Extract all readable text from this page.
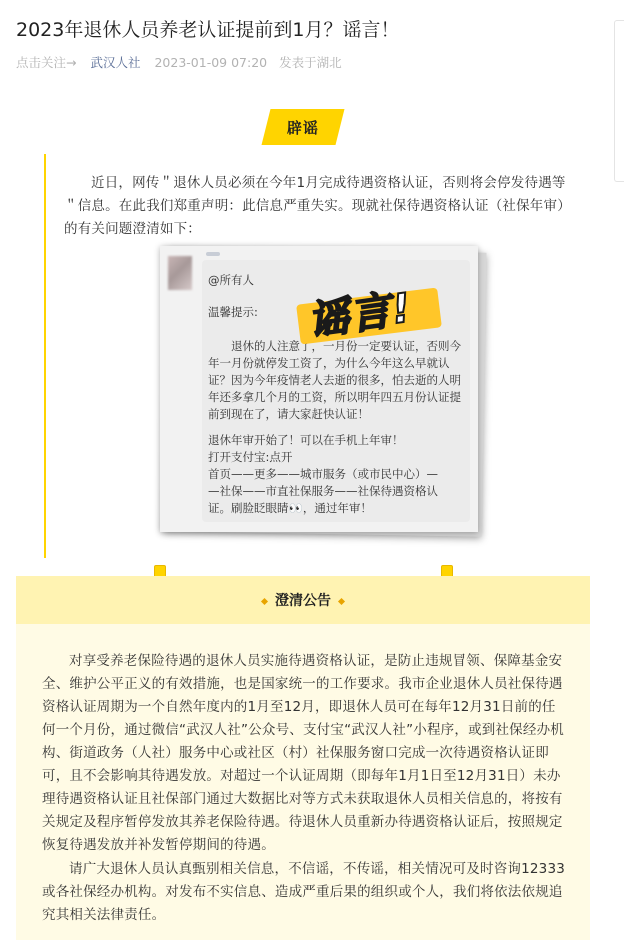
2023年退休人员养老认证提前到1月？谣言！
点击关注→ 武汉人社 2023-01-09 07:20 发表于湖北
辟谣

近日，网传＂退休人员必须在今年1月完成待遇资格认证，否则将会停发待遇等＂信息。在此我们郑重声明：此信息严重失实。现就社保待遇资格认证（社保年审）的有关问题澄清如下：

@所有人
温馨提示:
退休的人注意了，一月份一定要认证，否则今年一月份就停发工资了，为什么今年这么早就认证？因为今年疫情老人去逝的很多，怕去逝的人明年还多拿几个月的工资，所以明年四五月份认证提前到现在了，请大家赶快认证！
退休年审开始了！可以在手机上年审！
打开支付宝:点开
首页——更多——城市服务（或市民中心）—
—社保——市直社保服务——社保待遇资格认
证。刷脸眨眼睛👀，通过年审！
谣言!
澄清公告

对享受养老保险待遇的退休人员实施待遇资格认证，是防止违规冒领、保障基金安全、维护公平正义的有效措施，也是国家统一的工作要求。我市企业退休人员社保待遇资格认证周期为一个自然年度内的1月至12月，即退休人员可在每年12月31日前的任何一个月份，通过微信“武汉人社”公众号、支付宝“武汉人社”小程序，或到社保经办机构、街道政务（人社）服务中心或社区（村）社保服务窗口完成一次待遇资格认证即可，且不会影响其待遇发放。对超过一个认证周期（即每年1月1日至12月31日）未办理待遇资格认证且社保部门通过大数据比对等方式未获取退休人员相关信息的，将按有关规定及程序暂停发放其养老保险待遇。待退休人员重新办待遇资格认证后，按照规定恢复待遇发放并补发暂停期间的待遇。

请广大退休人员认真甄别相关信息，不信谣，不传谣，相关情况可及时咨询12333或各社保经办机构。对发布不实信息、造成严重后果的组织或个人，我们将依法依规追究其相关法律责任。
